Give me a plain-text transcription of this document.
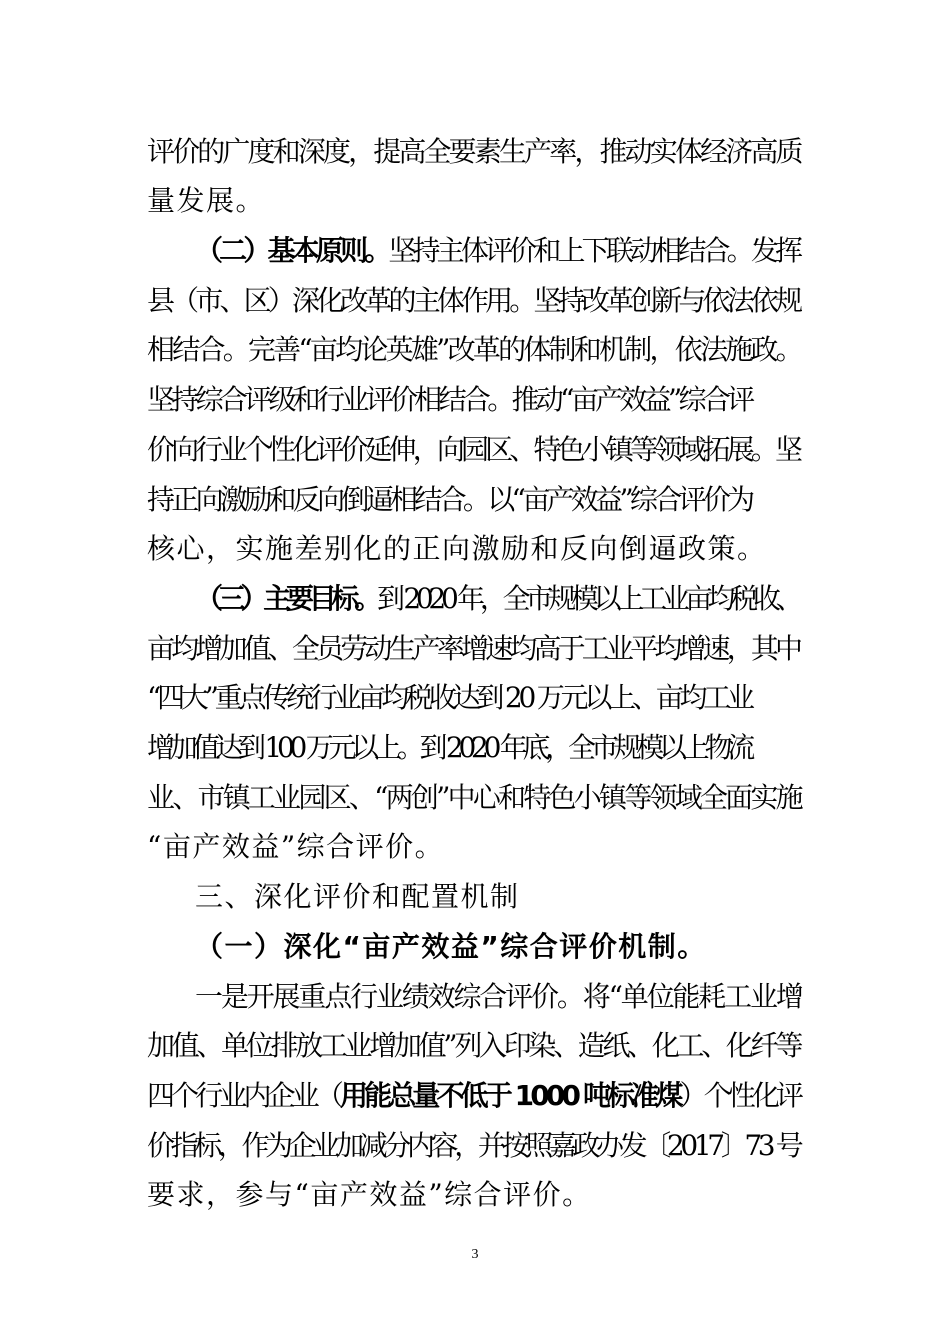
评价的广度和深度，提高全要素生产率，推动实体经济高质
量发展。
（二）基本原则。坚持主体评价和上下联动相结合。发挥
县（市、区）深化改革的主体作用。坚持改革创新与依法依规
相结合。完善“亩均论英雄”改革的体制和机制，依法施政。
坚持综合评级和行业评价相结合。推动“亩产效益”综合评
价向行业个性化评价延伸，向园区、特色小镇等领域拓展。坚
持正向激励和反向倒逼相结合。以“亩产效益”综合评价为
核心，实施差别化的正向激励和反向倒逼政策。
（三）主要目标。到 2020 年，全市规模以上工业亩均税收、
亩均增加值、全员劳动生产率增速均高于工业平均增速，其中
“四大”重点传统行业亩均税收达到 20 万元以上、亩均工业
增加值达到 100 万元以上。到 2020 年底，全市规模以上物流
业、市镇工业园区、“两创”中心和特色小镇等领域全面实施
“亩产效益”综合评价。
三、深化评价和配置机制
（一）深化“亩产效益”综合评价机制。
一是开展重点行业绩效综合评价。将“单位能耗工业增
加值、单位排放工业增加值”列入印染、造纸、化工、化纤等
四个行业内企业（用能总量不低于 1000 吨标准煤）个性化评
价指标，作为企业加减分内容，并按照嘉政办发〔2017〕73 号
要求，参与“亩产效益”综合评价。
3
